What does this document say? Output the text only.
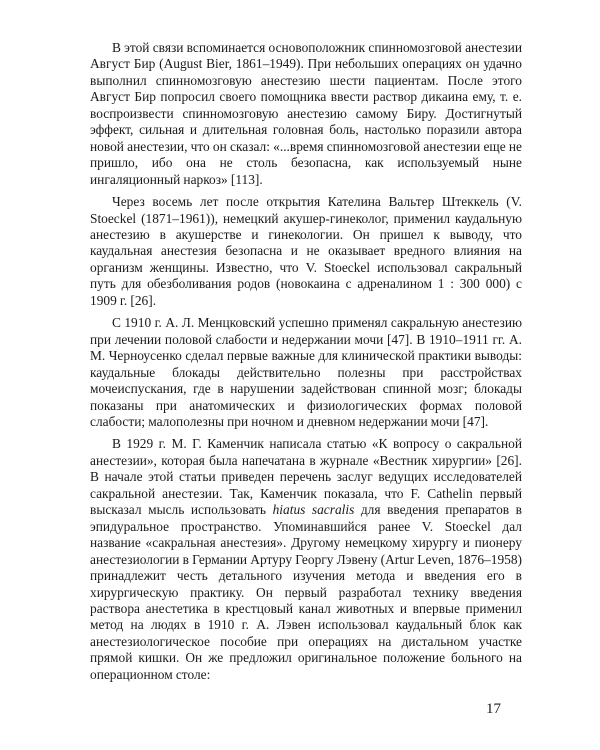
В этой связи вспоминается основоположник спинномозговой анестезии Август Бир (August Bier, 1861–1949). При небольших операциях он удачно выполнил спинномозговую анестезию шести пациентам. После этого Август Бир попросил своего помощника ввести раствор дикаина ему, т. е. воспроизвести спинномозговую анестезию самому Биру. Достигнутый эффект, сильная и длительная головная боль, настолько поразили автора новой анестезии, что он сказал: «...время спинномозговой анестезии еще не пришло, ибо она не столь безопасна, как используемый ныне ингаляционный наркоз» [113].

Через восемь лет после открытия Кателина Вальтер Штеккель (V. Stoeckel (1871–1961)), немецкий акушер-гинеколог, применил каудальную анестезию в акушерстве и гинекологии. Он пришел к выводу, что каудальная анестезия безопасна и не оказывает вредного влияния на организм женщины. Известно, что V. Stoeckel использовал сакральный путь для обезболивания родов (новокаина с адреналином 1 : 300 000) с 1909 г. [26].

С 1910 г. А. Л. Менцковский успешно применял сакральную анестезию при лечении половой слабости и недержании мочи [47]. В 1910–1911 гг. А. М. Черноусенко сделал первые важные для клинической практики выводы: каудальные блокады действительно полезны при расстройствах мочеиспускания, где в нарушении задействован спинной мозг; блокады показаны при анатомических и физиологических формах половой слабости; малополезны при ночном и дневном недержании мочи [47].

В 1929 г. М. Г. Каменчик написала статью «К вопросу о сакральной анестезии», которая была напечатана в журнале «Вестник хирургии» [26]. В начале этой статьи приведен перечень заслуг ведущих исследователей сакральной анестезии. Так, Каменчик показала, что F. Cathelin первый высказал мысль использовать hiatus sacralis для введения препаратов в эпидуральное пространство. Упоминавшийся ранее V. Stoeckel дал название «сакральная анестезия». Другому немецкому хирургу и пионеру анестезиологии в Германии Артуру Георгу Лэвену (Artur Leven, 1876–1958) принадлежит честь детального изучения метода и введения его в хирургическую практику. Он первый разработал технику введения раствора анестетика в крестцовый канал животных и впервые применил метод на людях в 1910 г. А. Лэвен использовал каудальный блок как анестезиологическое пособие при операциях на дистальном участке прямой кишки. Он же предложил оригинальное положение больного на операционном столе:

17
